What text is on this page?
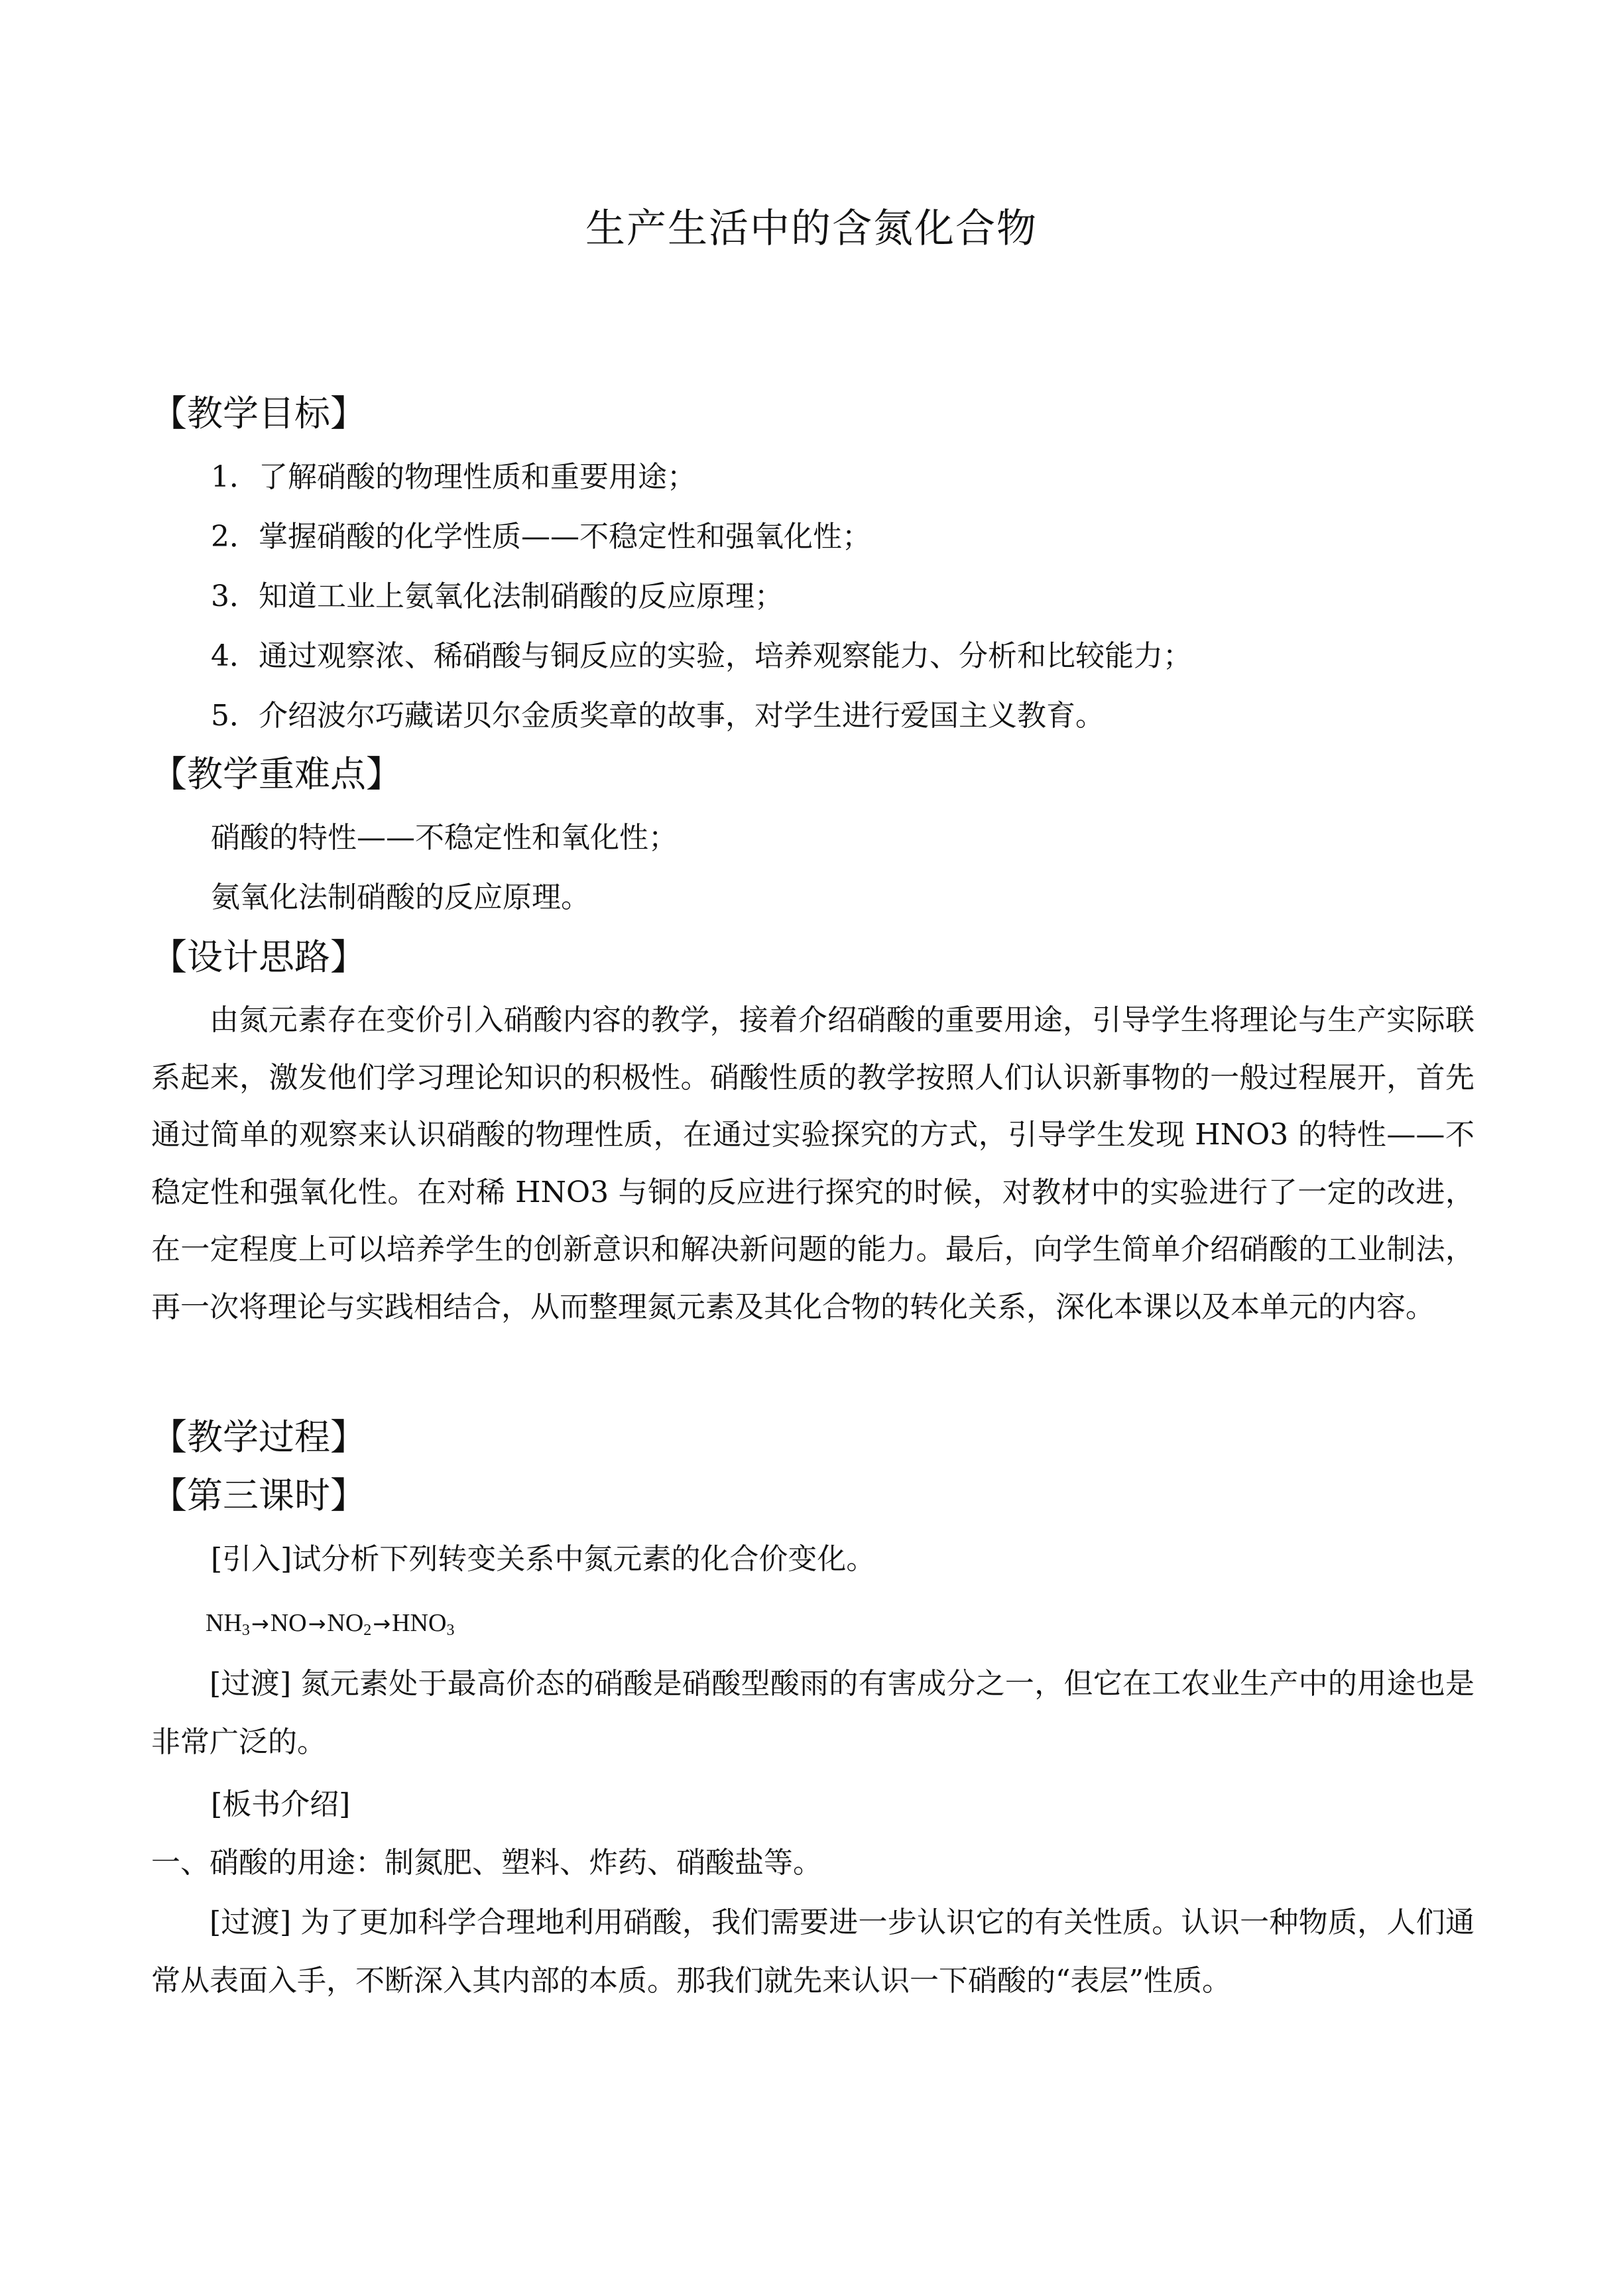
生产生活中的含氮化合物
【教学目标】
1．了解硝酸的物理性质和重要用途；
2．掌握硝酸的化学性质——不稳定性和强氧化性；
3．知道工业上氨氧化法制硝酸的反应原理；
4．通过观察浓、稀硝酸与铜反应的实验，培养观察能力、分析和比较能力；
5．介绍波尔巧藏诺贝尔金质奖章的故事，对学生进行爱国主义教育。
【教学重难点】
硝酸的特性——不稳定性和氧化性；
氨氧化法制硝酸的反应原理。
【设计思路】
由氮元素存在变价引入硝酸内容的教学，接着介绍硝酸的重要用途，引导学生将理论与生产实际联系起来，激发他们学习理论知识的积极性。硝酸性质的教学按照人们认识新事物的一般过程展开，首先通过简单的观察来认识硝酸的物理性质，在通过实验探究的方式，引导学生发现 HNO3 的特性——不稳定性和强氧化性。在对稀 HNO3 与铜的反应进行探究的时候，对教材中的实验进行了一定的改进，在一定程度上可以培养学生的创新意识和解决新问题的能力。最后，向学生简单介绍硝酸的工业制法，再一次将理论与实践相结合，从而整理氮元素及其化合物的转化关系，深化本课以及本单元的内容。
【教学过程】
【第三课时】
[引入]试分析下列转变关系中氮元素的化合价变化。
$NH_3\to NO\to NO_2\to HNO_3$
[过渡] 氮元素处于最高价态的硝酸是硝酸型酸雨的有害成分之一，但它在工农业生产中的用途也是非常广泛的。
[板书介绍]
一、硝酸的用途：制氮肥、塑料、炸药、硝酸盐等。
[过渡] 为了更加科学合理地利用硝酸，我们需要进一步认识它的有关性质。认识一种物质，人们通常从表面入手，不断深入其内部的本质。那我们就先来认识一下硝酸的“表层”性质。
